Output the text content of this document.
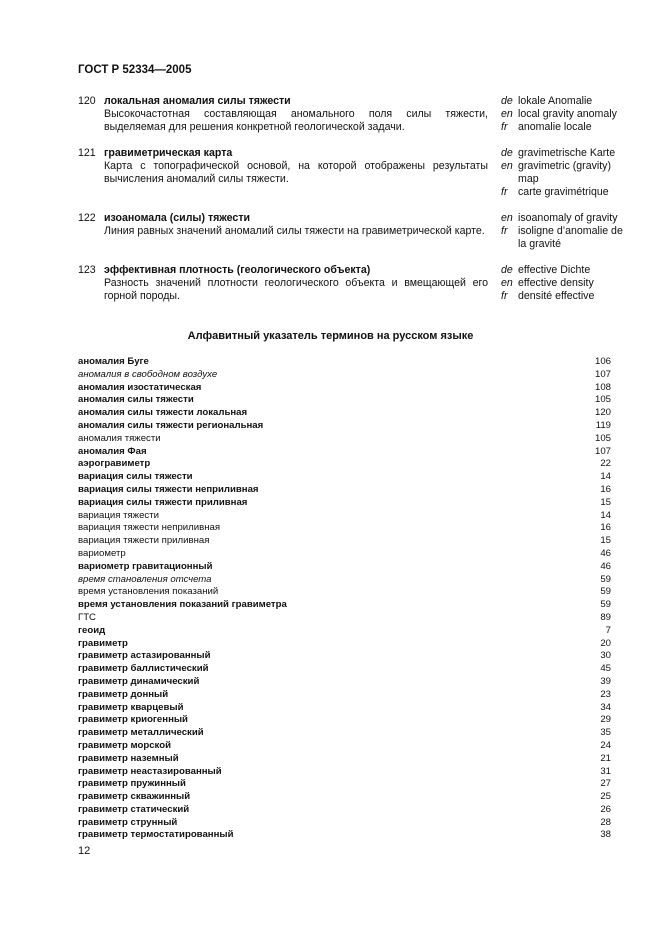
ГОСТ Р 52334—2005
120 локальная аномалия силы тяжести
Высокочастотная составляющая аномального поля силы тяжести, выделяемая для решения конкретной геологической задачи.
de lokale Anomalie
en local gravity anomaly
fr anomalie locale
121 гравиметрическая карта
Карта с топографической основой, на которой отображены результаты вычисления аномалий силы тяжести.
de gravimetrische Karte
en gravimetric (gravity) map
fr carte gravimétrique
122 изоаномала (силы) тяжести
Линия равных значений аномалий силы тяжести на гравиметрической карте.
en isoanomaly of gravity
fr isoligne d’anomalie de la gravité
123 эффективная плотность (геологического объекта)
Разность значений плотности геологического объекта и вмещающей его горной породы.
de effective Dichte
en effective density
fr densité effective
Алфавитный указатель терминов на русском языке
аномалия Буге	106
аномалия в свободном воздухе	107
аномалия изостатическая	108
аномалия силы тяжести	105
аномалия силы тяжести локальная	120
аномалия силы тяжести региональная	119
аномалия тяжести	105
аномалия Фая	107
аэрогравиметр	22
вариация силы тяжести	14
вариация силы тяжести неприливная	16
вариация силы тяжести приливная	15
вариация тяжести	14
вариация тяжести неприливная	16
вариация тяжести приливная	15
вариометр	46
вариометр гравитационный	46
время становления отсчета	59
время установления показаний	59
время установления показаний гравиметра	59
ГТС	89
геоид	7
гравиметр	20
гравиметр астазированный	30
гравиметр баллистический	45
гравиметр динамический	39
гравиметр донный	23
гравиметр кварцевый	34
гравиметр криогенный	29
гравиметр металлический	35
гравиметр морской	24
гравиметр наземный	21
гравиметр неастазированный	31
гравиметр пружинный	27
гравиметр скважинный	25
гравиметр статический	26
гравиметр струнный	28
гравиметр термостатированный	38
12
